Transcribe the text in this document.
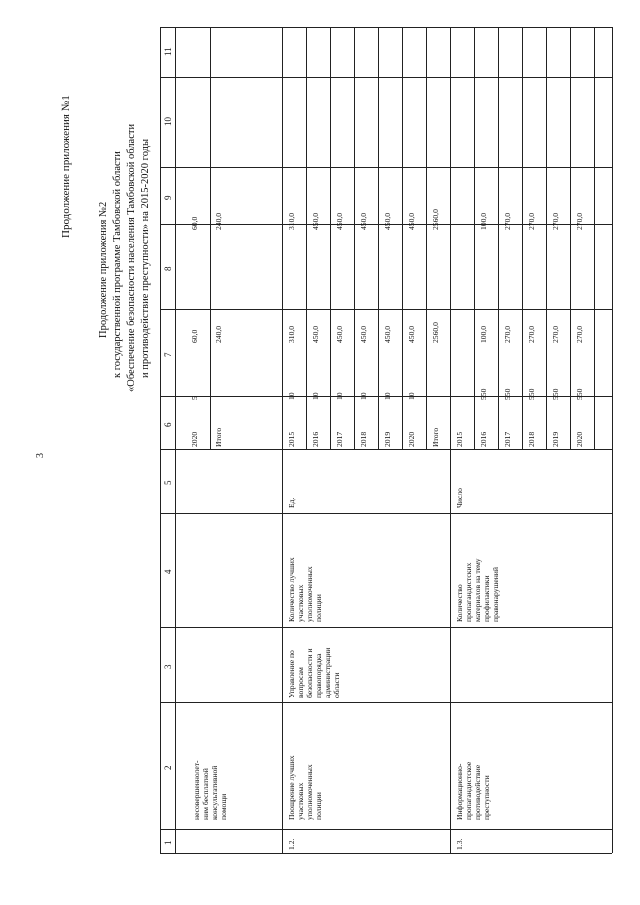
3
Продолжение приложения №1
Продолжение приложения №2 к государственной программе Тамбовской области «Обеспечение безопасности населения Тамбовской области и противодействие преступности» на 2015-2020 годы
1
2
3
4
5
6
7
8
9
10
11
несовершеннолет-
ним бесплатной
консультативной
помощи
2020
5
60,0
60,0
Итого
240,0
240,0
1.2.
Поощрение лучших
участковых
уполномоченных
полиции
Управление по
вопросам
безопасности и
правопорядка
администрации
области
Количество лучших
участковых
уполномоченных
полиции
Ед.
2015
10
310,0
310,0
2016
10
450,0
450,0
2017
10
450,0
450,0
2018
10
450,0
450,0
2019
10
450,0
450,0
2020
10
450,0
450,0
Итого
2560,0
2560,0
1.3.
Информационно-
пропагандистское
противодействие
преступности
Количество
пропагандистских
материалов на тему
профилактики
правонарушений
Число
2015 2016
550
100,0
100,0
2017
550
270,0
270,0
2018
550
270,0
270,0
2019
550
270,0
270,0
2020
550
270,0
270,0
